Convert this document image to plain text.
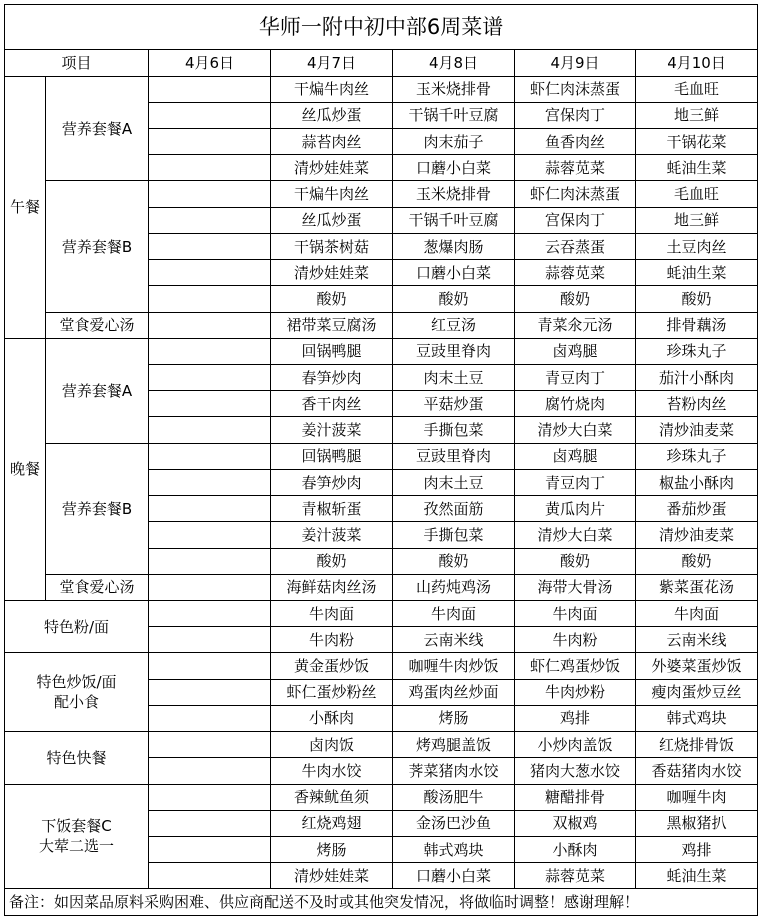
华师一附中初中部6周菜谱						
项目		4月6日	4月7日	4月8日	4月9日	4月10日
午餐	营养套餐A		干煸牛肉丝	玉米烧排骨	虾仁肉沫蒸蛋	毛血旺
			丝瓜炒蛋	干锅千叶豆腐	宫保肉丁	地三鲜
			蒜苔肉丝	肉末茄子	鱼香肉丝	干锅花菜
			清炒娃娃菜	口蘑小白菜	蒜蓉苋菜	蚝油生菜
	营养套餐B		干煸牛肉丝	玉米烧排骨	虾仁肉沫蒸蛋	毛血旺
			丝瓜炒蛋	干锅千叶豆腐	宫保肉丁	地三鲜
			干锅茶树菇	葱爆肉肠	云吞蒸蛋	土豆肉丝
			清炒娃娃菜	口蘑小白菜	蒜蓉苋菜	蚝油生菜
			酸奶	酸奶	酸奶	酸奶
	堂食爱心汤		裙带菜豆腐汤	红豆汤	青菜氽元汤	排骨藕汤
晚餐	营养套餐A		回锅鸭腿	豆豉里脊肉	卤鸡腿	珍珠丸子
			春笋炒肉	肉末土豆	青豆肉丁	茄汁小酥肉
			香干肉丝	平菇炒蛋	腐竹烧肉	苔粉肉丝
			姜汁菠菜	手撕包菜	清炒大白菜	清炒油麦菜
	营养套餐B		回锅鸭腿	豆豉里脊肉	卤鸡腿	珍珠丸子
			春笋炒肉	肉末土豆	青豆肉丁	椒盐小酥肉
			青椒斩蛋	孜然面筋	黄瓜肉片	番茄炒蛋
			姜汁菠菜	手撕包菜	清炒大白菜	清炒油麦菜
			酸奶	酸奶	酸奶	酸奶
	堂食爱心汤		海鲜菇肉丝汤	山药炖鸡汤	海带大骨汤	紫菜蛋花汤
特色粉/面			牛肉面	牛肉面	牛肉面	牛肉面
			牛肉粉	云南米线	牛肉粉	云南米线

特色炒饭/面
配小食			黄金蛋炒饭	咖喱牛肉炒饭	虾仁鸡蛋炒饭	外婆菜蛋炒饭
			虾仁蛋炒粉丝	鸡蛋肉丝炒面	牛肉炒粉	瘦肉蛋炒豆丝
			小酥肉	烤肠	鸡排	韩式鸡块
特色快餐			卤肉饭	烤鸡腿盖饭	小炒肉盖饭	红烧排骨饭
			牛肉水饺	荠菜猪肉水饺	猪肉大葱水饺	香菇猪肉水饺

下饭套餐C
大荤二选一			香辣鱿鱼须	酸汤肥牛	糖醋排骨	咖喱牛肉
			红烧鸡翅	金汤巴沙鱼	双椒鸡	黑椒猪扒
			烤肠	韩式鸡块	小酥肉	鸡排
			清炒娃娃菜	口蘑小白菜	蒜蓉苋菜	蚝油生菜
备注：如因菜品原料采购困难、供应商配送不及时或其他突发情况，将做临时调整！感谢理解！						
